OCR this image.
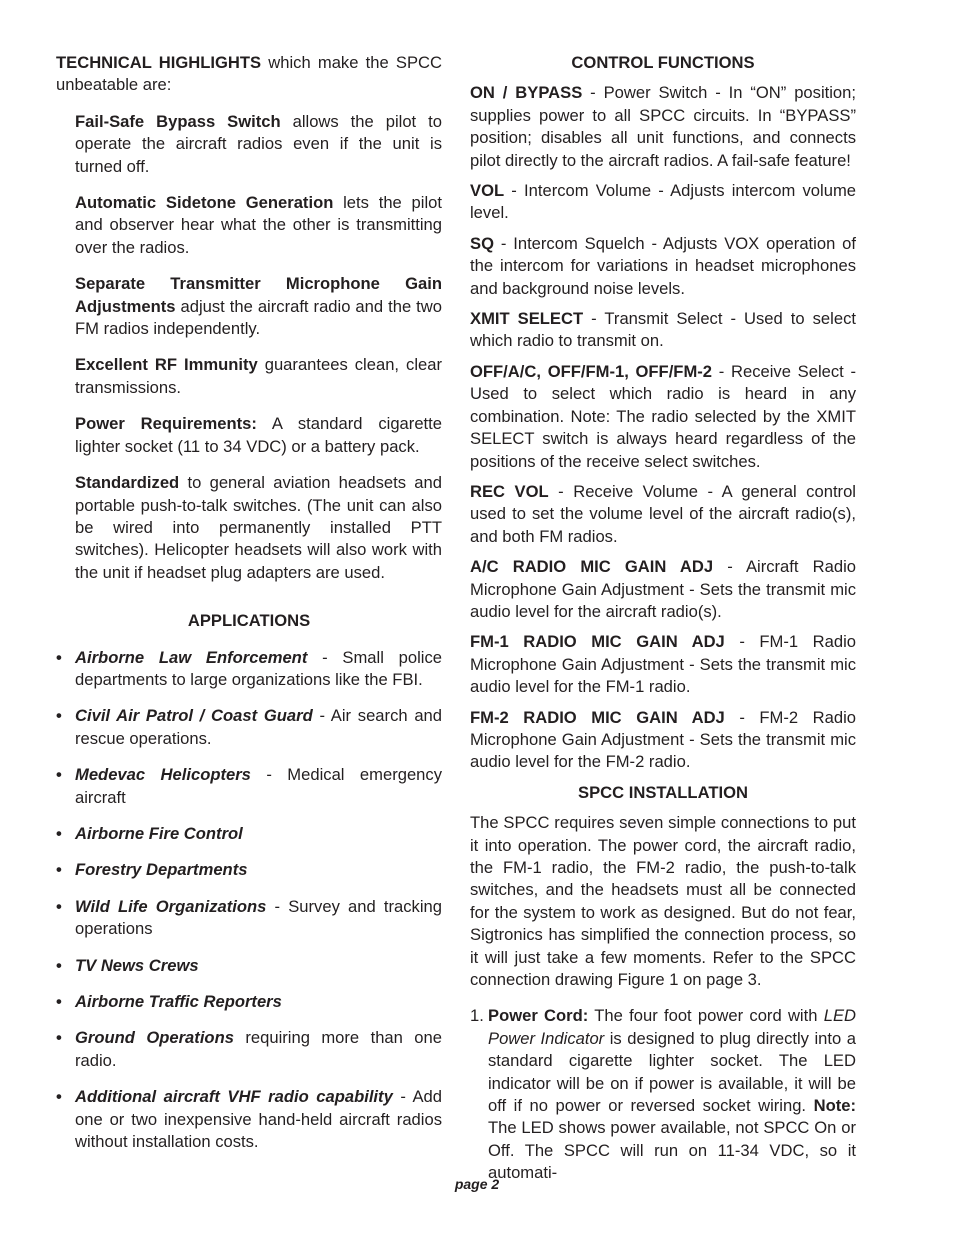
TECHNICAL HIGHLIGHTS which make the SPCC unbeatable are:

Fail-Safe Bypass Switch allows the pilot to operate the aircraft radios even if the unit is turned off.

Automatic Sidetone Generation lets the pilot and observer hear what the other is transmitting over the radios.

Separate Transmitter Microphone Gain Adjustments adjust the aircraft radio and the two FM radios independently.

Excellent RF Immunity guarantees clean, clear transmissions.

Power Requirements: A standard cigarette lighter socket (11 to 34 VDC) or a battery pack.

Standardized to general aviation headsets and portable push-to-talk switches. (The unit can also be wired into permanently installed PTT switches). Helicopter headsets will also work with the unit if headset plug adapters are used.

APPLICATIONS

• Airborne Law Enforcement - Small police departments to large organizations like the FBI.
• Civil Air Patrol / Coast Guard - Air search and rescue operations.
• Medevac Helicopters - Medical emergency aircraft
• Airborne Fire Control
• Forestry Departments
• Wild Life Organizations - Survey and tracking operations
• TV News Crews
• Airborne Traffic Reporters
• Ground Operations requiring more than one radio.
• Additional aircraft VHF radio capability - Add one or two inexpensive hand-held aircraft radios without installation costs.

CONTROL FUNCTIONS

ON / BYPASS - Power Switch - In “ON” position; supplies power to all SPCC circuits. In “BYPASS” position; disables all unit functions, and connects pilot directly to the aircraft radios. A fail-safe feature!

VOL - Intercom Volume - Adjusts intercom volume level.

SQ - Intercom Squelch - Adjusts VOX operation of the intercom for variations in headset microphones and background noise levels.

XMIT SELECT - Transmit Select - Used to select which radio to transmit on.

OFF/A/C, OFF/FM-1, OFF/FM-2 - Receive Select - Used to select which radio is heard in any combination. Note: The radio selected by the XMIT SELECT switch is always heard regardless of the positions of the receive select switches.

REC VOL - Receive Volume - A general control used to set the volume level of the aircraft radio(s), and both FM radios.

A/C RADIO MIC GAIN ADJ - Aircraft Radio Microphone Gain Adjustment - Sets the transmit mic audio level for the aircraft radio(s).

FM-1 RADIO MIC GAIN ADJ - FM-1 Radio Microphone Gain Adjustment - Sets the transmit mic audio level for the FM-1 radio.

FM-2 RADIO MIC GAIN ADJ - FM-2 Radio Microphone Gain Adjustment - Sets the transmit mic audio level for the FM-2 radio.

SPCC INSTALLATION

The SPCC requires seven simple connections to put it into operation. The power cord, the aircraft radio, the FM-1 radio, the FM-2 radio, the push-to-talk switches, and the headsets must all be connected for the system to work as designed. But do not fear, Sigtronics has simplified the connection process, so it will just take a few moments. Refer to the SPCC connection drawing Figure 1 on page 3.

1. Power Cord: The four foot power cord with LED Power Indicator is designed to plug directly into a standard cigarette lighter socket. The LED indicator will be on if power is available, it will be off if no power or reversed socket wiring. Note: The LED shows power available, not SPCC On or Off. The SPCC will run on 11-34 VDC, so it automati-
page 2
